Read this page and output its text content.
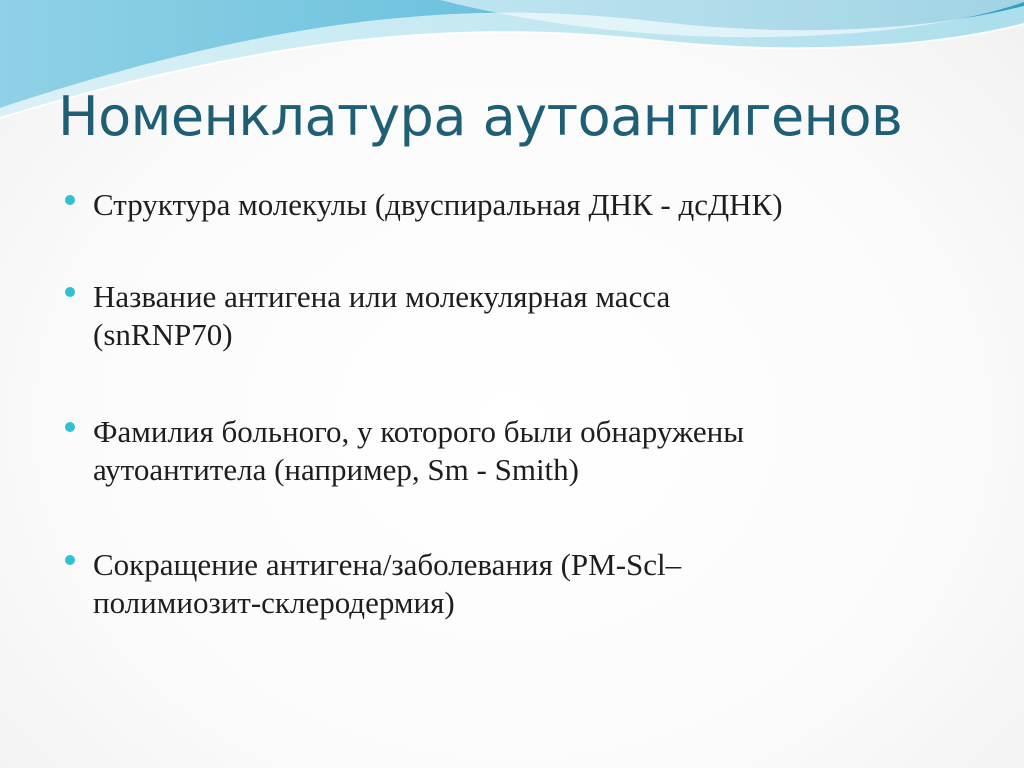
Номенклатура аутоантигенов
Структура молекулы (двуспиральная ДНК - дсДНК)
Название антигена или молекулярная масса
(snRNP70)
Фамилия больного, у которого были обнаружены
аутоантитела (например, Sm - Smith)
Сокращение антигена/заболевания (PM-Scl–
полимиозит-склеродермия)
